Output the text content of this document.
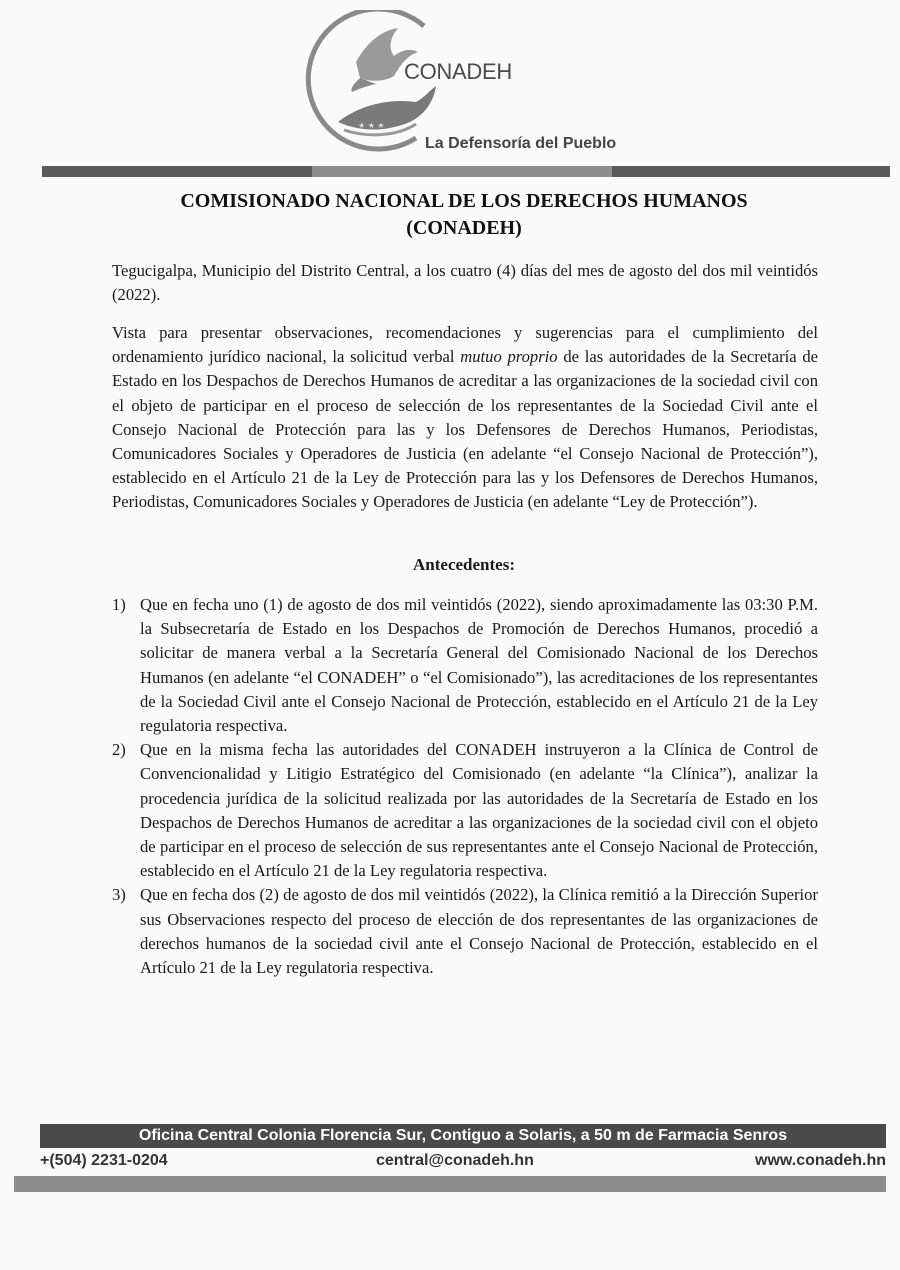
★ ★ ★
CONADEH
La Defensoría del Pueblo
COMISIONADO NACIONAL DE LOS DERECHOS HUMANOS
(CONADEH)
Tegucigalpa, Municipio del Distrito Central, a los cuatro (4) días del mes de agosto del dos mil veintidós (2022).
Vista para presentar observaciones, recomendaciones y sugerencias para el cumplimiento del ordenamiento jurídico nacional, la solicitud verbal mutuo proprio de las autoridades de la Secretaría de Estado en los Despachos de Derechos Humanos de acreditar a las organizaciones de la sociedad civil con el objeto de participar en el proceso de selección de los representantes de la Sociedad Civil ante el Consejo Nacional de Protección para las y los Defensores de Derechos Humanos, Periodistas, Comunicadores Sociales y Operadores de Justicia (en adelante “el Consejo Nacional de Protección”), establecido en el Artículo 21 de la Ley de Protección para las y los Defensores de Derechos Humanos, Periodistas, Comunicadores Sociales y Operadores de Justicia (en adelante “Ley de Protección”).
Antecedentes:
1) Que en fecha uno (1) de agosto de dos mil veintidós (2022), siendo aproximadamente las 03:30 P.M. la Subsecretaría de Estado en los Despachos de Promoción de Derechos Humanos, procedió a solicitar de manera verbal a la Secretaría General del Comisionado Nacional de los Derechos Humanos (en adelante “el CONADEH” o “el Comisionado”), las acreditaciones de los representantes de la Sociedad Civil ante el Consejo Nacional de Protección, establecido en el Artículo 21 de la Ley regulatoria respectiva.
2) Que en la misma fecha las autoridades del CONADEH instruyeron a la Clínica de Control de Convencionalidad y Litigio Estratégico del Comisionado (en adelante “la Clínica”), analizar la procedencia jurídica de la solicitud realizada por las autoridades de la Secretaría de Estado en los Despachos de Derechos Humanos de acreditar a las organizaciones de la sociedad civil con el objeto de participar en el proceso de selección de sus representantes ante el Consejo Nacional de Protección, establecido en el Artículo 21 de la Ley regulatoria respectiva.
3) Que en fecha dos (2) de agosto de dos mil veintidós (2022), la Clínica remitió a la Dirección Superior sus Observaciones respecto del proceso de elección de dos representantes de las organizaciones de derechos humanos de la sociedad civil ante el Consejo Nacional de Protección, establecido en el Artículo 21 de la Ley regulatoria respectiva.
Oficina Central Colonia Florencia Sur, Contiguo a Solaris, a 50 m de Farmacia Senros
+(504) 2231-0204	central@conadeh.hn	www.conadeh.hn
